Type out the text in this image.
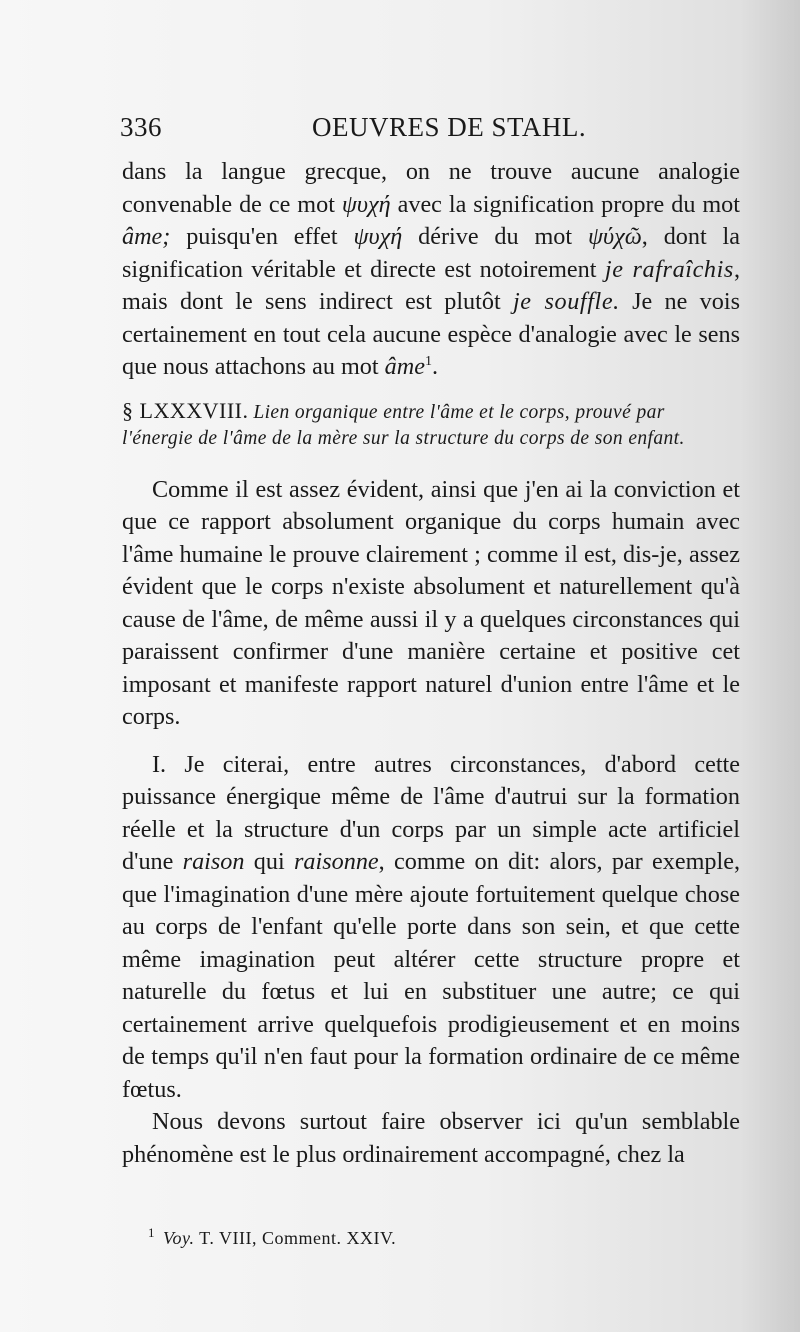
336	OEUVRES DE STAHL.

dans la langue grecque, on ne trouve aucune analogie convenable de ce mot ψυχή avec la signification propre du mot âme; puisqu'en effet ψυχή dérive du mot ψύχῶ, dont la signification véritable et directe est notoirement je rafraîchis, mais dont le sens indirect est plutôt je souffle. Je ne vois certainement en tout cela aucune espèce d'analogie avec le sens que nous attachons au mot âme$^1$.

§ LXXXVIII. Lien organique entre l'âme et le corps, prouvé par l'énergie de l'âme de la mère sur la structure du corps de son enfant.

Comme il est assez évident, ainsi que j'en ai la conviction et que ce rapport absolument organique du corps humain avec l'âme humaine le prouve clairement ; comme il est, dis-je, assez évident que le corps n'existe absolument et naturellement qu'à cause de l'âme, de même aussi il y a quelques circonstances qui paraissent confirmer d'une manière certaine et positive cet imposant et manifeste rapport naturel d'union entre l'âme et le corps.

I. Je citerai, entre autres circonstances, d'abord cette puissance énergique même de l'âme d'autrui sur la formation réelle et la structure d'un corps par un simple acte artificiel d'une raison qui raisonne, comme on dit: alors, par exemple, que l'imagination d'une mère ajoute fortuitement quelque chose au corps de l'enfant qu'elle porte dans son sein, et que cette même imagination peut altérer cette structure propre et naturelle du fœtus et lui en substituer une autre; ce qui certainement arrive quelquefois prodigieusement et en moins de temps qu'il n'en faut pour la formation ordinaire de ce même fœtus.

Nous devons surtout faire observer ici qu'un semblable phénomène est le plus ordinairement accompagné, chez la

$^1$ Voy. T. VIII, Comment. XXIV.
